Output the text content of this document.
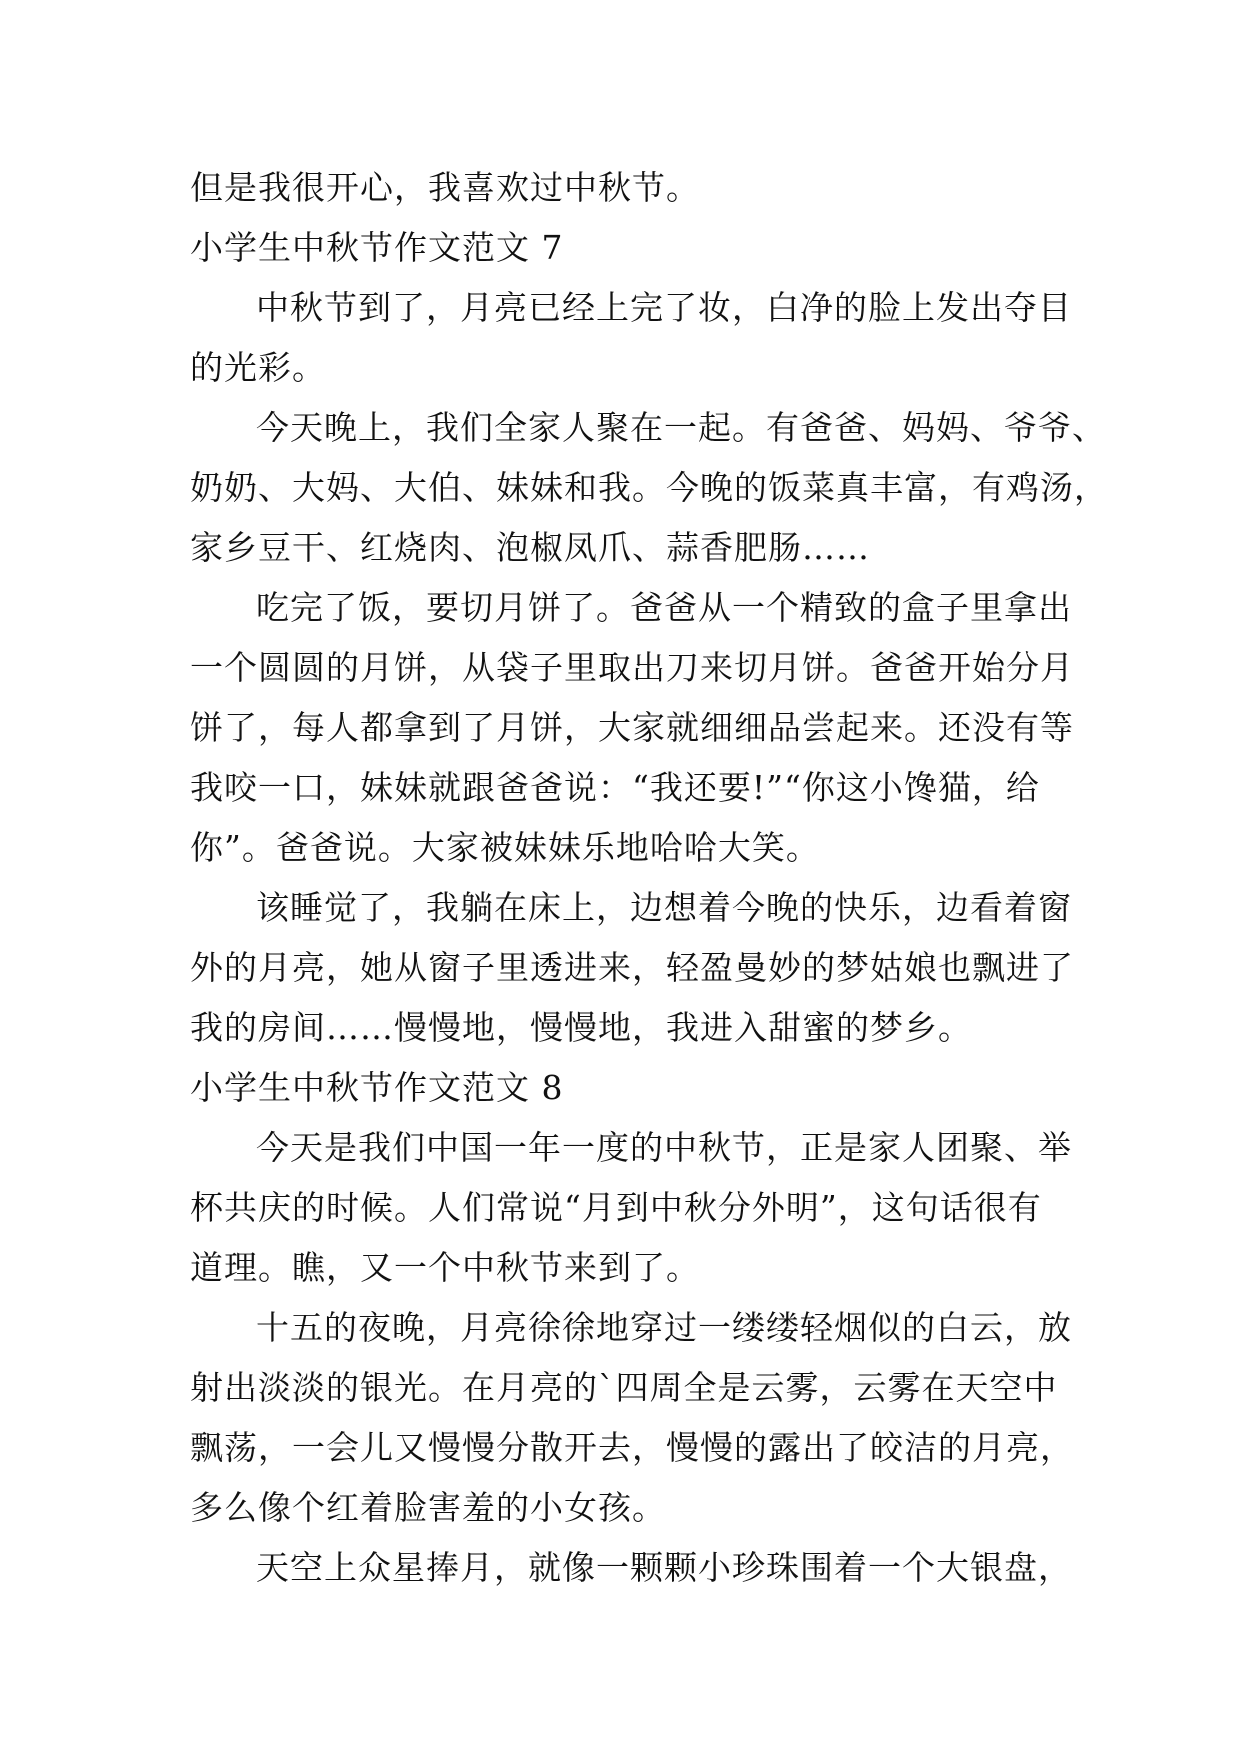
但是我很开心，我喜欢过中秋节。

小学生中秋节作文范文 7

中秋节到了，月亮已经上完了妆，白净的脸上发出夺目

的光彩。

今天晚上，我们全家人聚在一起。有爸爸、妈妈、爷爷、

奶奶、大妈、大伯、妹妹和我。今晚的饭菜真丰富，有鸡汤，

家乡豆干、红烧肉、泡椒凤爪、蒜香肥肠……

吃完了饭，要切月饼了。爸爸从一个精致的盒子里拿出

一个圆圆的月饼，从袋子里取出刀来切月饼。爸爸开始分月

饼了，每人都拿到了月饼，大家就细细品尝起来。还没有等

我咬一口，妹妹就跟爸爸说：“我还要!”“你这小馋猫，给

你”。爸爸说。大家被妹妹乐地哈哈大笑。

该睡觉了，我躺在床上，边想着今晚的快乐，边看着窗

外的月亮，她从窗子里透进来，轻盈曼妙的梦姑娘也飘进了

我的房间……慢慢地，慢慢地，我进入甜蜜的梦乡。

小学生中秋节作文范文 8

今天是我们中国一年一度的中秋节，正是家人团聚、举

杯共庆的时候。人们常说“月到中秋分外明”，这句话很有

道理。瞧，又一个中秋节来到了。

十五的夜晚，月亮徐徐地穿过一缕缕轻烟似的白云，放

射出淡淡的银光。在月亮的`四周全是云雾，云雾在天空中

飘荡，一会儿又慢慢分散开去，慢慢的露出了皎洁的月亮，

多么像个红着脸害羞的小女孩。

天空上众星捧月，就像一颗颗小珍珠围着一个大银盘，
